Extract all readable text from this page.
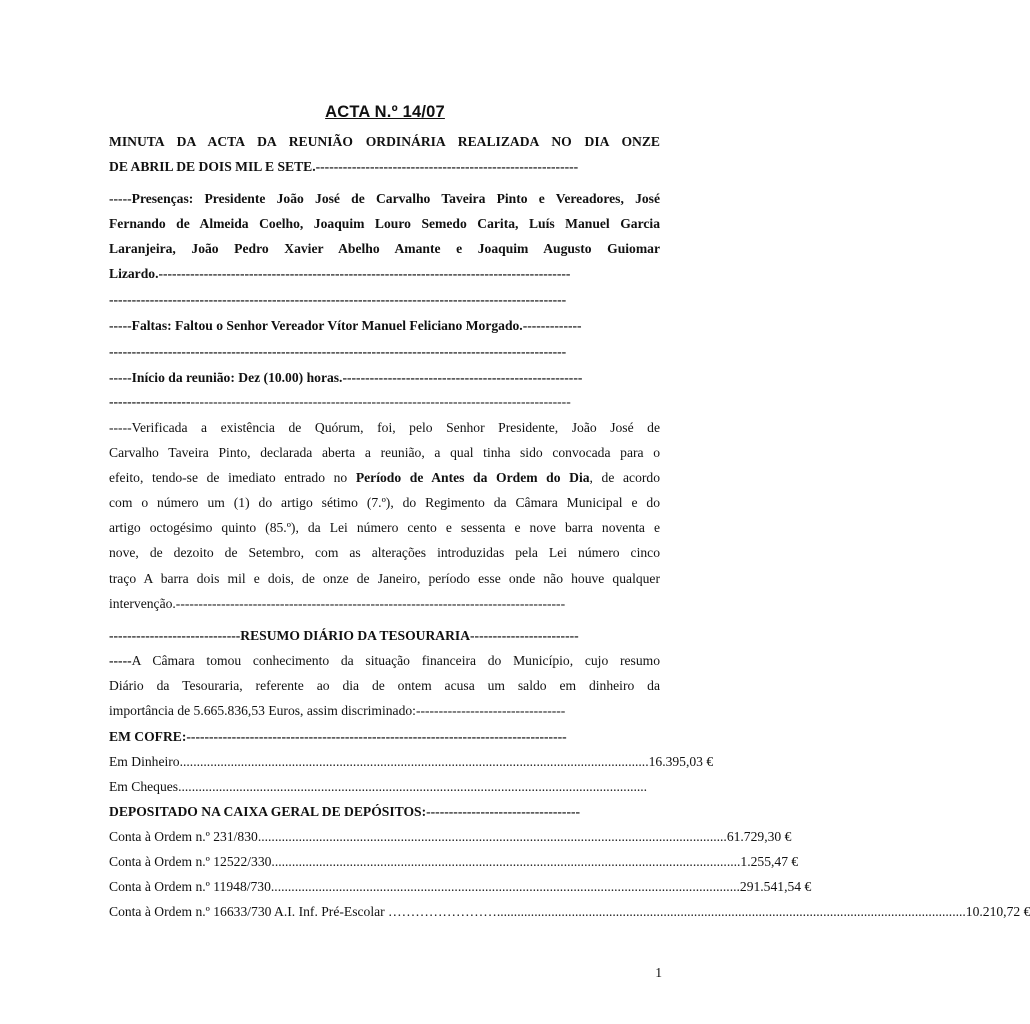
ACTA N.º 14/07
MINUTA DA ACTA DA REUNIÃO ORDINÁRIA REALIZADA NO DIA ONZE
DE ABRIL DE DOIS MIL E SETE.----------------------------------------------------------
-----Presenças: Presidente João José de Carvalho Taveira Pinto e Vereadores, José
Fernando de Almeida Coelho, Joaquim Louro Semedo Carita, Luís Manuel Garcia
Laranjeira, João Pedro Xavier Abelho Amante e Joaquim Augusto Guiomar
Lizardo.-------------------------------------------------------------------------------------------
-----------------------------------------------------------------------------------------------------
-----Faltas: Faltou o Senhor Vereador Vítor Manuel Feliciano Morgado.-------------
-----------------------------------------------------------------------------------------------------
-----Início da reunião: Dez (10.00) horas.-----------------------------------------------------
------------------------------------------------------------------------------------------------------
-----Verificada a existência de Quórum, foi, pelo Senhor Presidente, João José de
Carvalho Taveira Pinto, declarada aberta a reunião, a qual tinha sido convocada para o
efeito, tendo-se de imediato entrado no Período de Antes da Ordem do Dia, de acordo
com o número um (1) do artigo sétimo (7.º), do Regimento da Câmara Municipal e do
artigo octogésimo quinto (85.º), da Lei número cento e sessenta e nove barra noventa e
nove, de dezoito de Setembro, com as alterações introduzidas pela Lei número cinco
traço A barra dois mil e dois, de onze de Janeiro, período esse onde não houve qualquer
intervenção.--------------------------------------------------------------------------------------
-----------------------------RESUMO DIÁRIO DA TESOURARIA------------------------
-----A Câmara tomou conhecimento da situação financeira do Município, cujo resumo
Diário da Tesouraria, referente ao dia de ontem acusa um saldo em dinheiro da
importância de 5.665.836,53 Euros, assim discriminado:---------------------------------
EM COFRE:------------------------------------------------------------------------------------
Em Dinheiro .......................................................................................................................................... 16.395,03 €
Em Cheques ..........................................................................................................................................
DEPOSITADO NA CAIXA GERAL DE DEPÓSITOS:----------------------------------
Conta à Ordem n.º 231/830 .......................................................................................................................................... 61.729,30 €
Conta à Ordem n.º 12522/330 .......................................................................................................................................... 1.255,47 €
Conta à Ordem n.º 11948/730 .......................................................................................................................................... 291.541,54 €
Conta à Ordem n.º 16633/730 A.I. Inf. Pré-Escolar …………………… .......................................................................................................................................... 10.210,72 €
1
